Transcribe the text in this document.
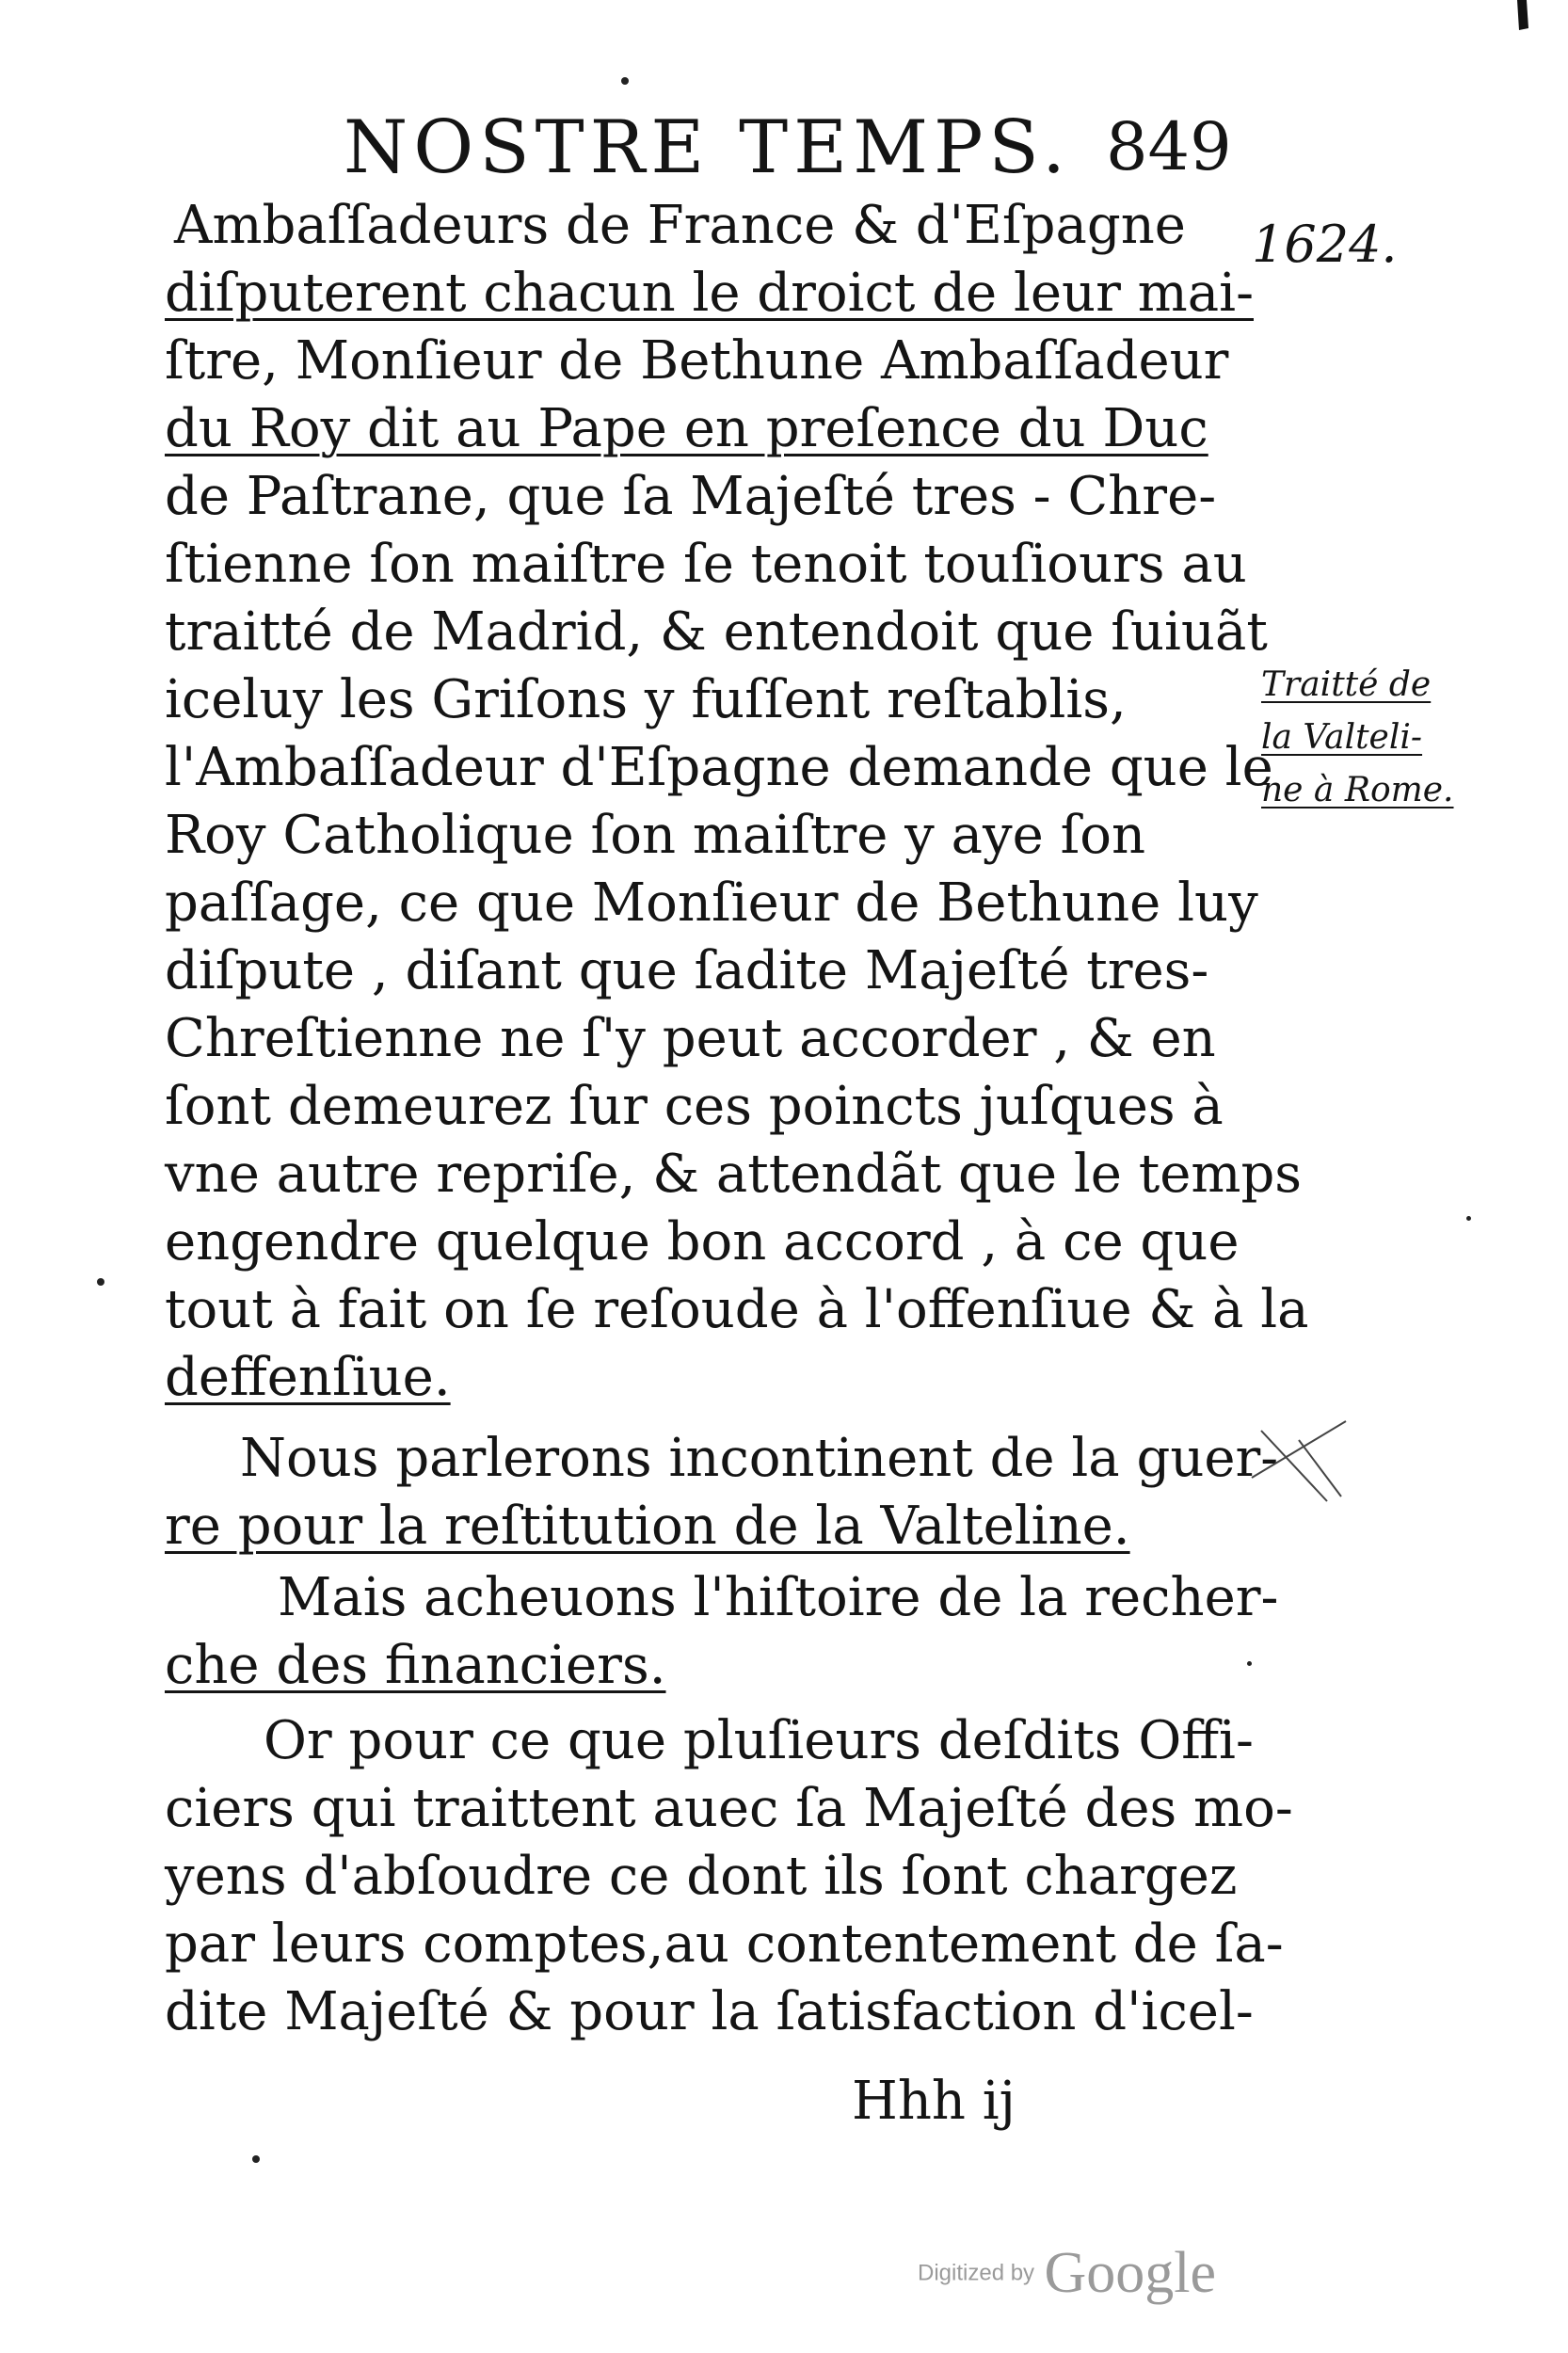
NOSTRE TEMPS. 849
1624.
Traitté de
la Valteli-
ne à Rome.
Ambaſſadeurs de France & d'Eſpagne
diſputerent chacun le droict de leur mai-
ſtre, Monſieur de Bethune Ambaſſadeur
du Roy dit au Pape en preſence du Duc
de Paſtrane, que ſa Majeſté tres - Chre-
ſtienne ſon maiſtre ſe tenoit touſiours au
traitté de Madrid, & entendoit que ſuiuãt
iceluy les Griſons y fuſſent reſtablis,
l'Ambaſſadeur d'Eſpagne demande que le
Roy Catholique ſon maiſtre y aye ſon
paſſage, ce que Monſieur de Bethune luy
diſpute , diſant que ſadite Majeſté tres-
Chreſtienne ne ſ'y peut accorder , & en
ſont demeurez ſur ces poincts juſques à
vne autre repriſe, & attendãt que le temps
engendre quelque bon accord , à ce que
tout à fait on ſe reſoude à l'offenſiue & à la
deffenſiue.
Nous parlerons incontinent de la guer-
re pour la reſtitution de la Valteline.
Mais acheuons l'hiſtoire de la recher-
che des financiers.
Or pour ce que pluſieurs deſdits Offi-
ciers qui traittent auec ſa Majeſté des mo-
yens d'abſoudre ce dont ils ſont chargez
par leurs comptes,au contentement de ſa-
dite Majeſté & pour la ſatisfaction d'icel-
Hhh ij
Digitized by Google
